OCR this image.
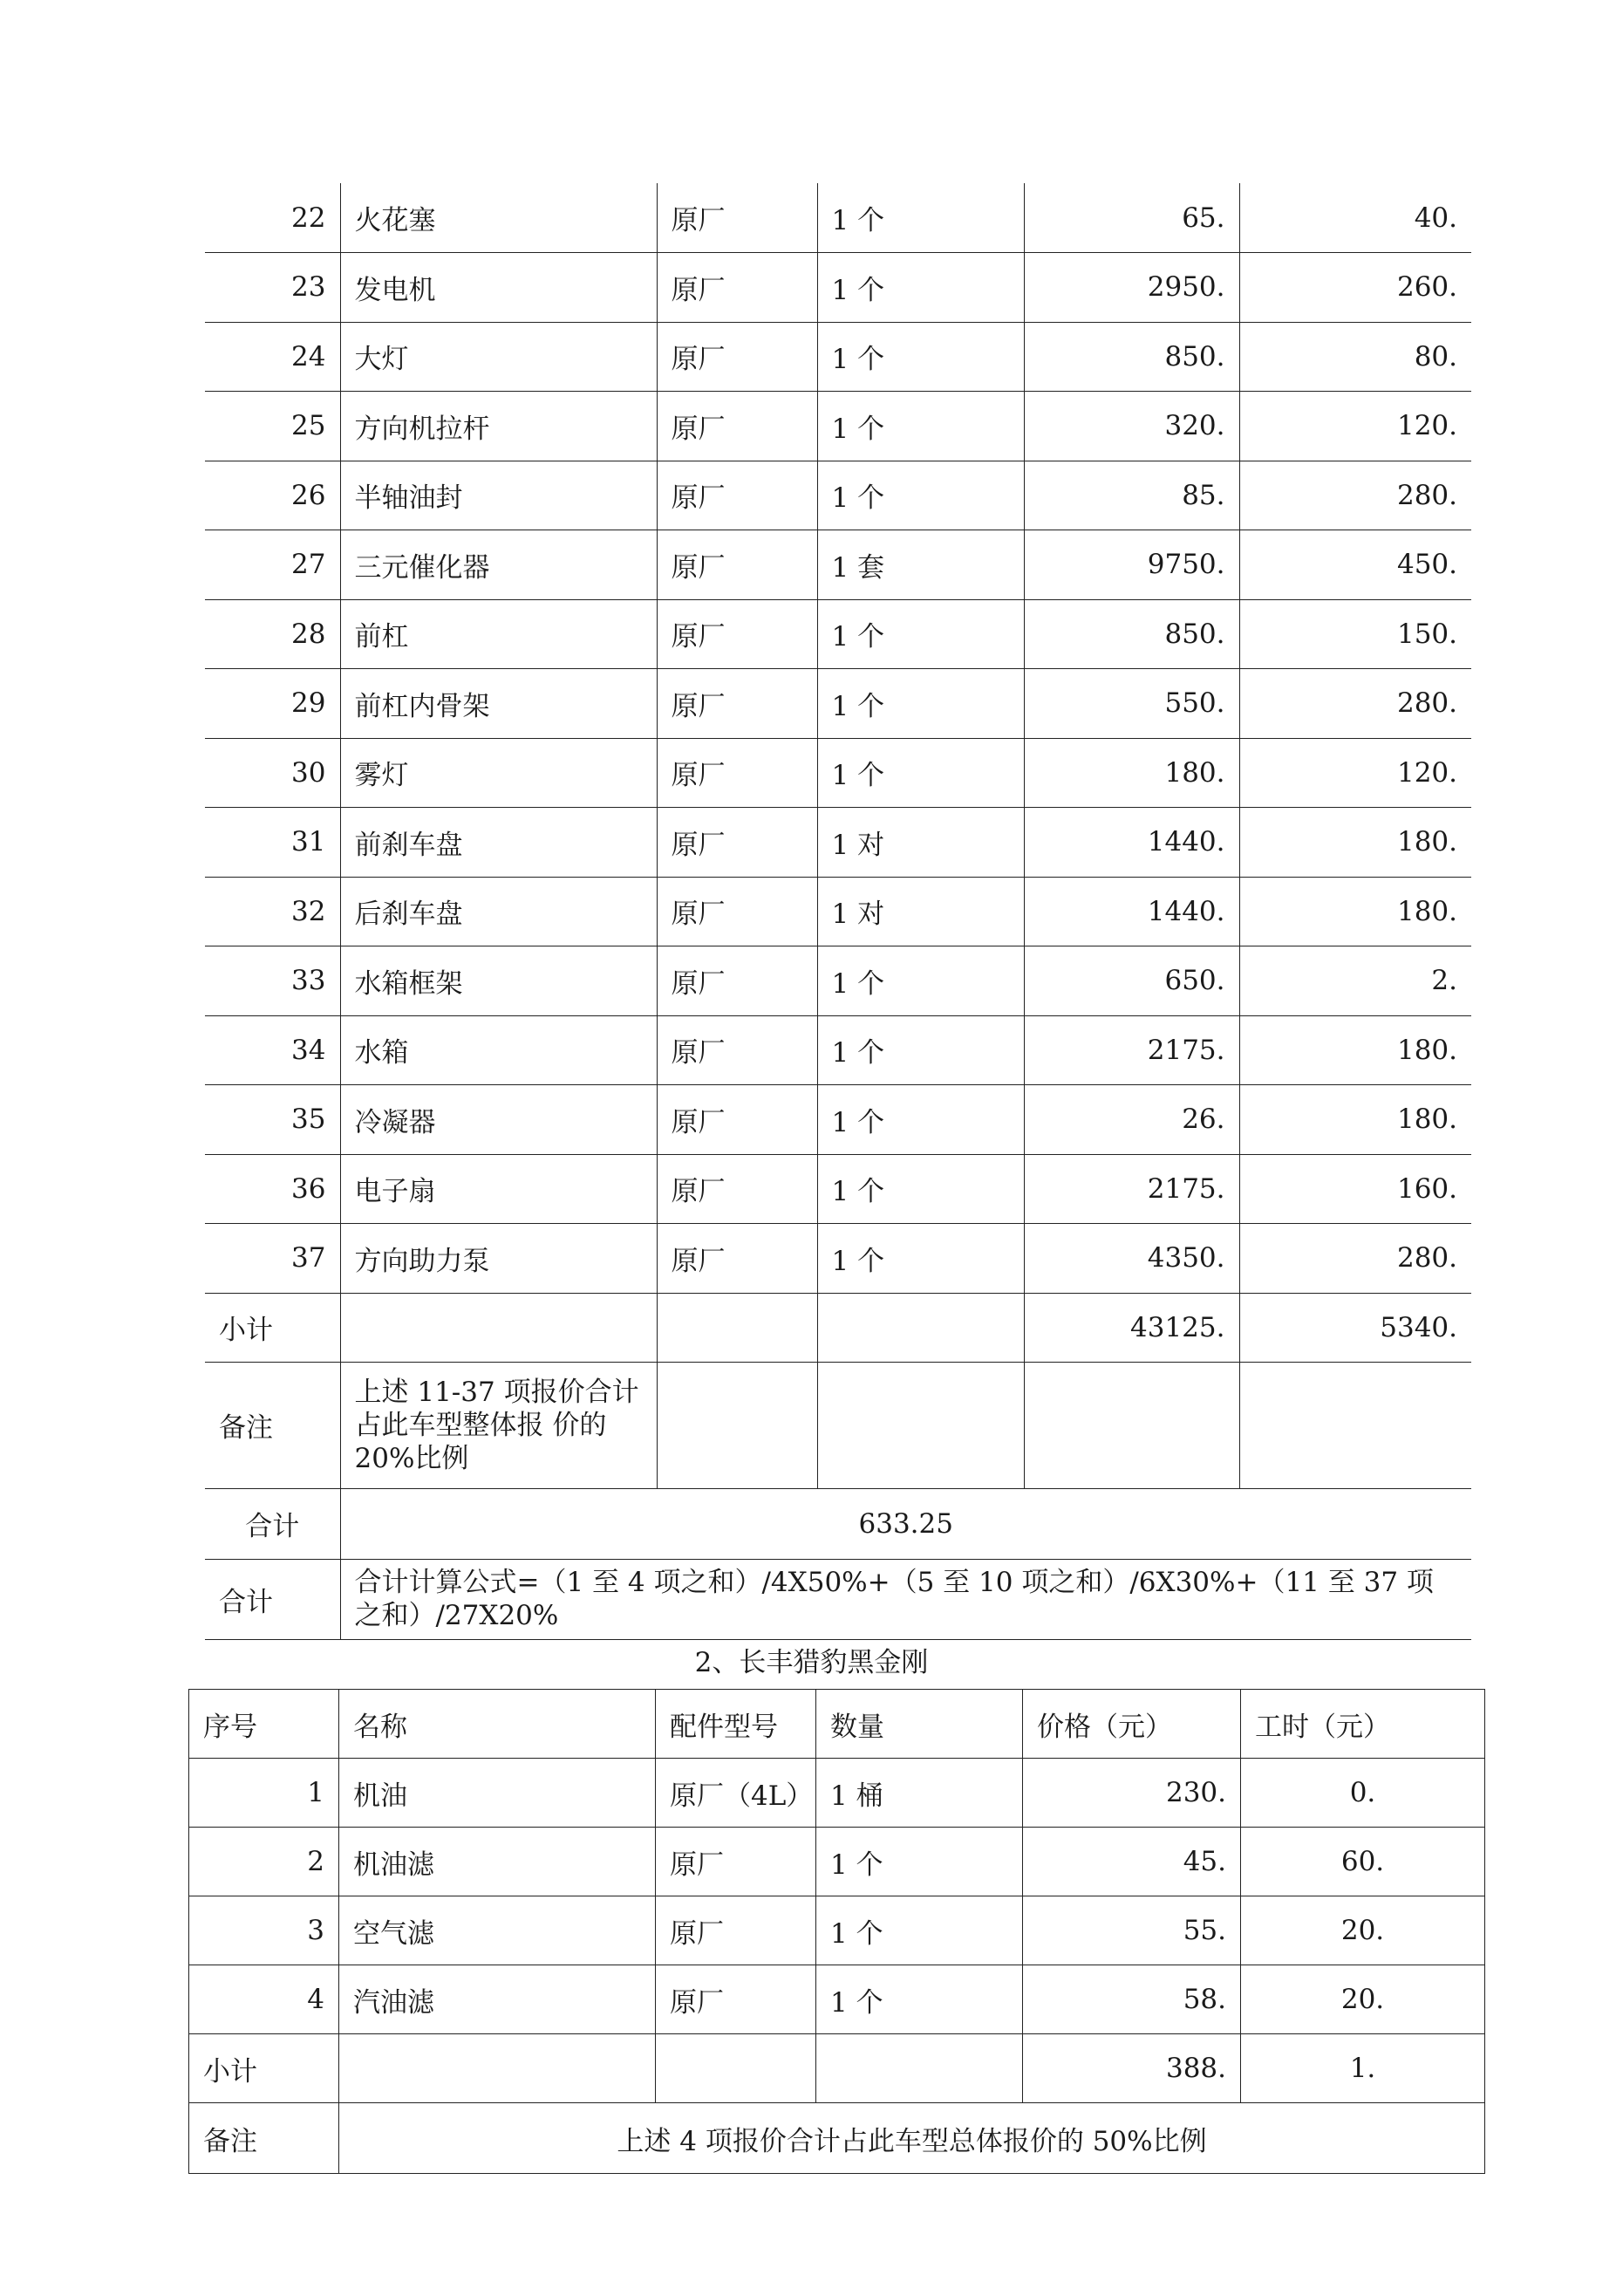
22	火花塞	原厂	1 个	65.	40.
23	发电机	原厂	1 个	2950.	260.
24	大灯	原厂	1 个	850.	80.
25	方向机拉杆	原厂	1 个	320.	120.
26	半轴油封	原厂	1 个	85.	280.
27	三元催化器	原厂	1 套	9750.	450.
28	前杠	原厂	1 个	850.	150.
29	前杠内骨架	原厂	1 个	550.	280.
30	雾灯	原厂	1 个	180.	120.
31	前刹车盘	原厂	1 对	1440.	180.
32	后刹车盘	原厂	1 对	1440.	180.
33	水箱框架	原厂	1 个	650.	2.
34	水箱	原厂	1 个	2175.	180.
35	冷凝器	原厂	1 个	26.	180.
36	电子扇	原厂	1 个	2175.	160.
37	方向助力泵	原厂	1 个	4350.	280.
小计				43125.	5340.
备注	上述 11-37 项报价合计占此车型整体报 价的 20%比例				
合计	633.25				
合计	合计计算公式=（1 至 4 项之和）/4X50%+（5 至 10 项之和）/6X30%+（11 至 37 项 之和）/27X20%				
2、长丰猎豹黑金刚
序号	名称	配件型号	数量	价格（元）	工时（元）
1	机油	原厂（4L）	1 桶	230.	0.
2	机油滤	原厂	1 个	45.	60.
3	空气滤	原厂	1 个	55.	20.
4	汽油滤	原厂	1 个	58.	20.
小计				388.	1.
备注	上述 4 项报价合计占此车型总体报价的 50%比例				
